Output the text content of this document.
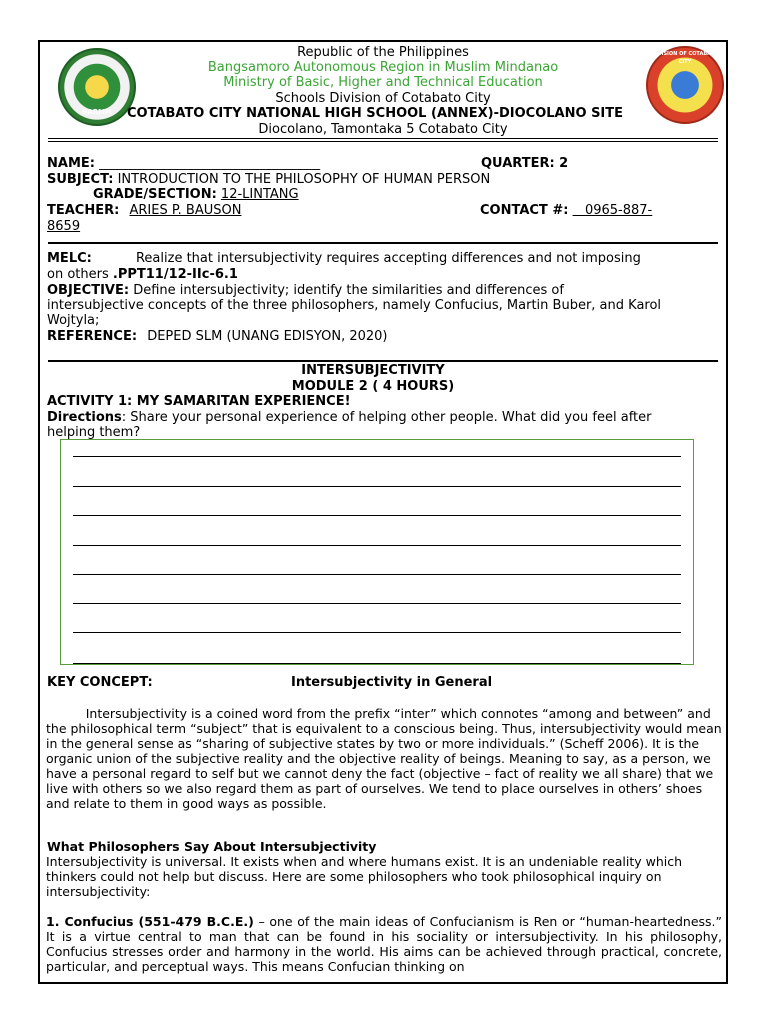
BARMM
DIVISION OF COTABATO CITY
Republic of the Philippines
Bangsamoro Autonomous Region in Muslim Mindanao
Ministry of Basic, Higher and Technical Education
Schools Division of Cotabato City
COTABATO CITY NATIONAL HIGH SCHOOL (ANNEX)-DIOCOLANO SITE
Diocolano, Tamontaka 5 Cotabato City
NAME: __________________________________	QUARTER: 2
SUBJECT: INTRODUCTION TO THE PHILOSOPHY OF HUMAN PERSON
GRADE/SECTION: 12-LINTANG
TEACHER: ARIES P. BAUSON	CONTACT #:    0965-887-
8659
MELC:	Realize that intersubjectivity requires accepting differences and not imposing
on others .PPT11/12-IIc-6.1
OBJECTIVE: Define intersubjectivity; identify the similarities and differences of
intersubjective concepts of the three philosophers, namely Confucius, Martin Buber, and Karol
Wojtyla;
REFERENCE: DEPED SLM (UNANG EDISYON, 2020)
INTERSUBJECTIVITY
MODULE 2 ( 4 HOURS)
ACTIVITY 1: MY SAMARITAN EXPERIENCE!
Directions: Share your personal experience of helping other people. What did you feel after
helping them?
KEY CONCEPT:	Intersubjectivity in General
Intersubjectivity is a coined word from the prefix “inter” which connotes “among and between” and the philosophical term “subject” that is equivalent to a conscious being. Thus, intersubjectivity would mean in the general sense as “sharing of subjective states by two or more individuals.” (Scheff 2006). It is the organic union of the subjective reality and the objective reality of beings. Meaning to say, as a person, we have a personal regard to self but we cannot deny the fact (objective – fact of reality we all share) that we live with others so we also regard them as part of ourselves. We tend to place ourselves in others’ shoes and relate to them in good ways as possible.
What Philosophers Say About Intersubjectivity
Intersubjectivity is universal. It exists when and where humans exist. It is an undeniable reality which thinkers could not help but discuss. Here are some philosophers who took philosophical inquiry on intersubjectivity:

1. Confucius (551-479 B.C.E.) – one of the main ideas of Confucianism is Ren or “human-heartedness.” It is a virtue central to man that can be found in his sociality or intersubjectivity. In his philosophy, Confucius stresses order and harmony in the world. His aims can be achieved through practical, concrete, particular, and perceptual ways. This means Confucian thinking on
